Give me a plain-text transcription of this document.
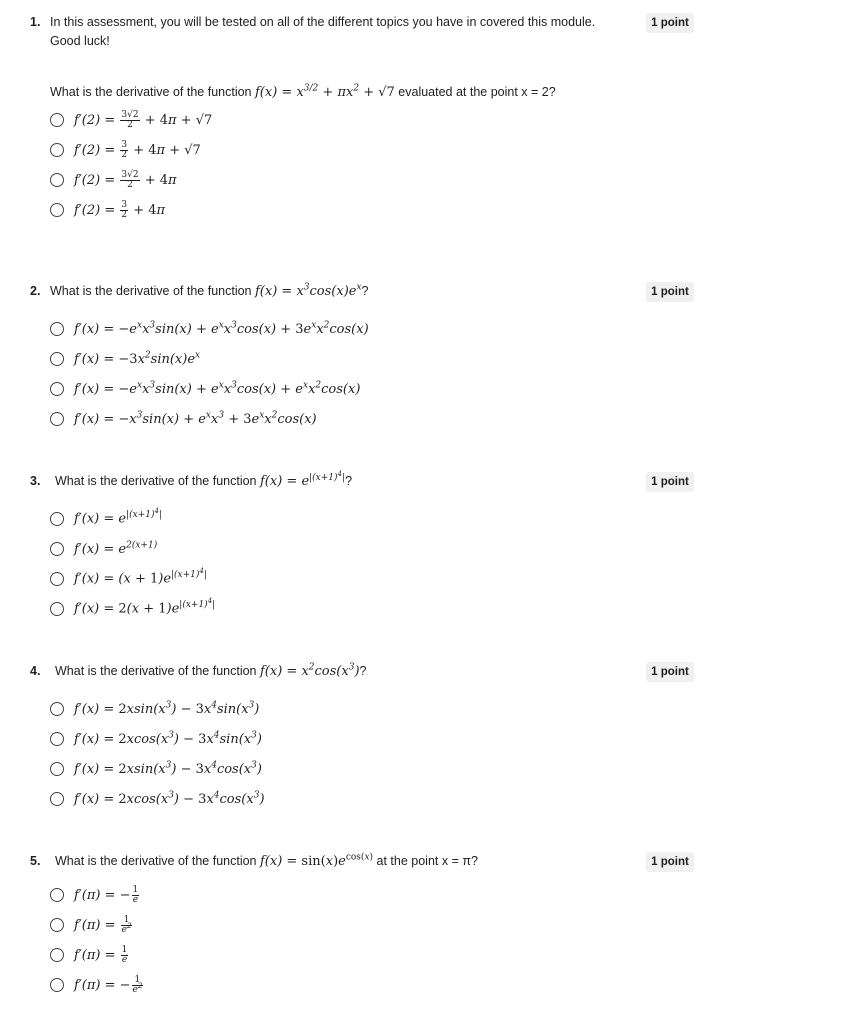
1. In this assessment, you will be tested on all of the different topics you have in covered this module.
Good luck!
What is the derivative of the function $f(x) = x^{3/2} + \pi x^2 + √7$ evaluated at the point x = 2?
$f'(2) = \frac{3√2}{2} + 4\pi + √7$
$f'(2) = \frac{3}{2} + 4\pi + √7$
$f'(2) = \frac{3√2}{2} + 4\pi$
$f'(2) = \frac{3}{2} + 4\pi$
1 point
2. What is the derivative of the function $f(x) = x^3\cos(x)e^x$?
$f'(x) = -e^xx^3\sin(x) + e^xx^3\cos(x) + 3e^xx^2\cos(x)$
$f'(x) = -3x^2\sin(x)e^x$
$f'(x) = -e^xx^3\sin(x) + e^xx^3\cos(x) + e^xx^2\cos(x)$
$f'(x) = -x^3\sin(x) + e^xx^3 + 3e^xx^2\cos(x)$
1 point
3. What is the derivative of the function $f(x) = e^{|(x+1)^4|}$?
$f'(x) = e^{|(x+1)^4|}$
$f'(x) = e^{2(x+1)}$
$f'(x) = (x + 1)e^{|(x+1)^4|}$
$f'(x) = 2(x + 1)e^{|(x+1)^4|}$
1 point
4. What is the derivative of the function $f(x) = x^2\cos(x^3)$?
$f'(x) = 2xsin(x^3) - 3x^4\sin(x^3)$
$f'(x) = 2xcos(x^3) - 3x^4\sin(x^3)$
$f'(x) = 2xsin(x^3) - 3x^4\cos(x^3)$
$f'(x) = 2xcos(x^3) - 3x^4\cos(x^3)$
1 point
5. What is the derivative of the function $f(x) = \sin(x)e^{cos(x)}$ at the point x = π?
f′(π) = − $\frac{1}{e}$
$f'(\pi) = \frac{1}{e^2}$
$f'(\pi) = \frac{1}{e}$
f′(π) = − $\frac{1}{e^2}$
1 point
